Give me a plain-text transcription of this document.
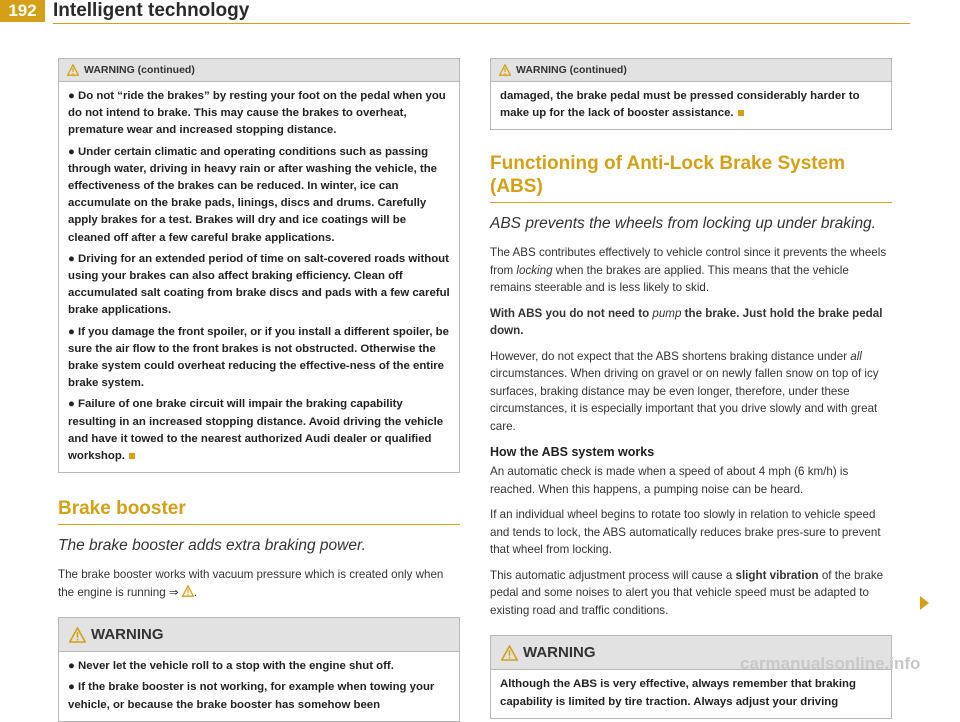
192 Intelligent technology
WARNING (continued)

● Do not “ride the brakes” by resting your foot on the pedal when you do not intend to brake. This may cause the brakes to overheat, premature wear and increased stopping distance.

● Under certain climatic and operating conditions such as passing through water, driving in heavy rain or after washing the vehicle, the effectiveness of the brakes can be reduced. In winter, ice can accumulate on the brake pads, linings, discs and drums. Carefully apply brakes for a test. Brakes will dry and ice coatings will be cleaned off after a few careful brake applications.

● Driving for an extended period of time on salt-covered roads without using your brakes can also affect braking efficiency. Clean off accumulated salt coating from brake discs and pads with a few careful brake applications.

● If you damage the front spoiler, or if you install a different spoiler, be sure the air flow to the front brakes is not obstructed. Otherwise the brake system could overheat reducing the effective-ness of the entire brake system.

● Failure of one brake circuit will impair the braking capability resulting in an increased stopping distance. Avoid driving the vehicle and have it towed to the nearest authorized Audi dealer or qualified workshop.

Brake booster

The brake booster adds extra braking power.

The brake booster works with vacuum pressure which is created only when the engine is running ⇒ .

WARNING

● Never let the vehicle roll to a stop with the engine shut off.

● If the brake booster is not working, for example when towing your vehicle, or because the brake booster has somehow been

WARNING (continued)

damaged, the brake pedal must be pressed considerably harder to make up for the lack of booster assistance.

Functioning of Anti-Lock Brake System (ABS)

ABS prevents the wheels from locking up under braking.

The ABS contributes effectively to vehicle control since it prevents the wheels from locking when the brakes are applied. This means that the vehicle remains steerable and is less likely to skid.

With ABS you do not need to pump the brake. Just hold the brake pedal down.

However, do not expect that the ABS shortens braking distance under all circumstances. When driving on gravel or on newly fallen snow on top of icy surfaces, braking distance may be even longer, therefore, under these circumstances, it is especially important that you drive slowly and with great care.

How the ABS system works

An automatic check is made when a speed of about 4 mph (6 km/h) is reached. When this happens, a pumping noise can be heard.

If an individual wheel begins to rotate too slowly in relation to vehicle speed and tends to lock, the ABS automatically reduces brake pres-sure to prevent that wheel from locking.

This automatic adjustment process will cause a slight vibration of the brake pedal and some noises to alert you that vehicle speed must be adapted to existing road and traffic conditions.

WARNING

Although the ABS is very effective, always remember that braking capability is limited by tire traction. Always adjust your driving

carmanualsonline.info
